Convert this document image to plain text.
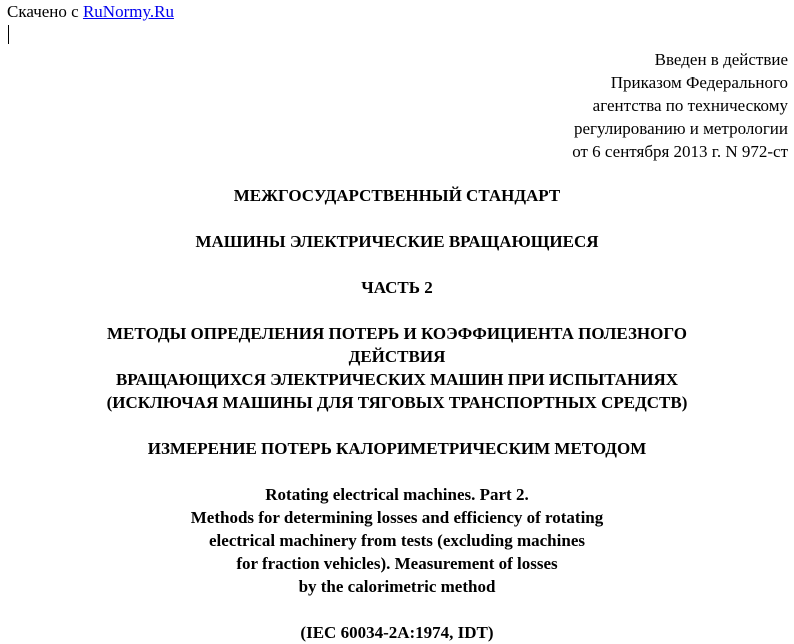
Скачено с RuNormy.Ru
Введен в действие
Приказом Федерального
агентства по техническому
регулированию и метрологии
от 6 сентября 2013 г. N 972-ст
МЕЖГОСУДАРСТВЕННЫЙ СТАНДАРТ
МАШИНЫ ЭЛЕКТРИЧЕСКИЕ ВРАЩАЮЩИЕСЯ
ЧАСТЬ 2
МЕТОДЫ ОПРЕДЕЛЕНИЯ ПОТЕРЬ И КОЭФФИЦИЕНТА ПОЛЕЗНОГО
ДЕЙСТВИЯ
ВРАЩАЮЩИХСЯ ЭЛЕКТРИЧЕСКИХ МАШИН ПРИ ИСПЫТАНИЯХ
(ИСКЛЮЧАЯ МАШИНЫ ДЛЯ ТЯГОВЫХ ТРАНСПОРТНЫХ СРЕДСТВ)
ИЗМЕРЕНИЕ ПОТЕРЬ КАЛОРИМЕТРИЧЕСКИМ МЕТОДОМ
Rotating electrical machines. Part 2.
Methods for determining losses and efficiency of rotating
electrical machinery from tests (excluding machines
for fraction vehicles). Measurement of losses
by the calorimetric method
(IEC 60034-2A:1974, IDT)
